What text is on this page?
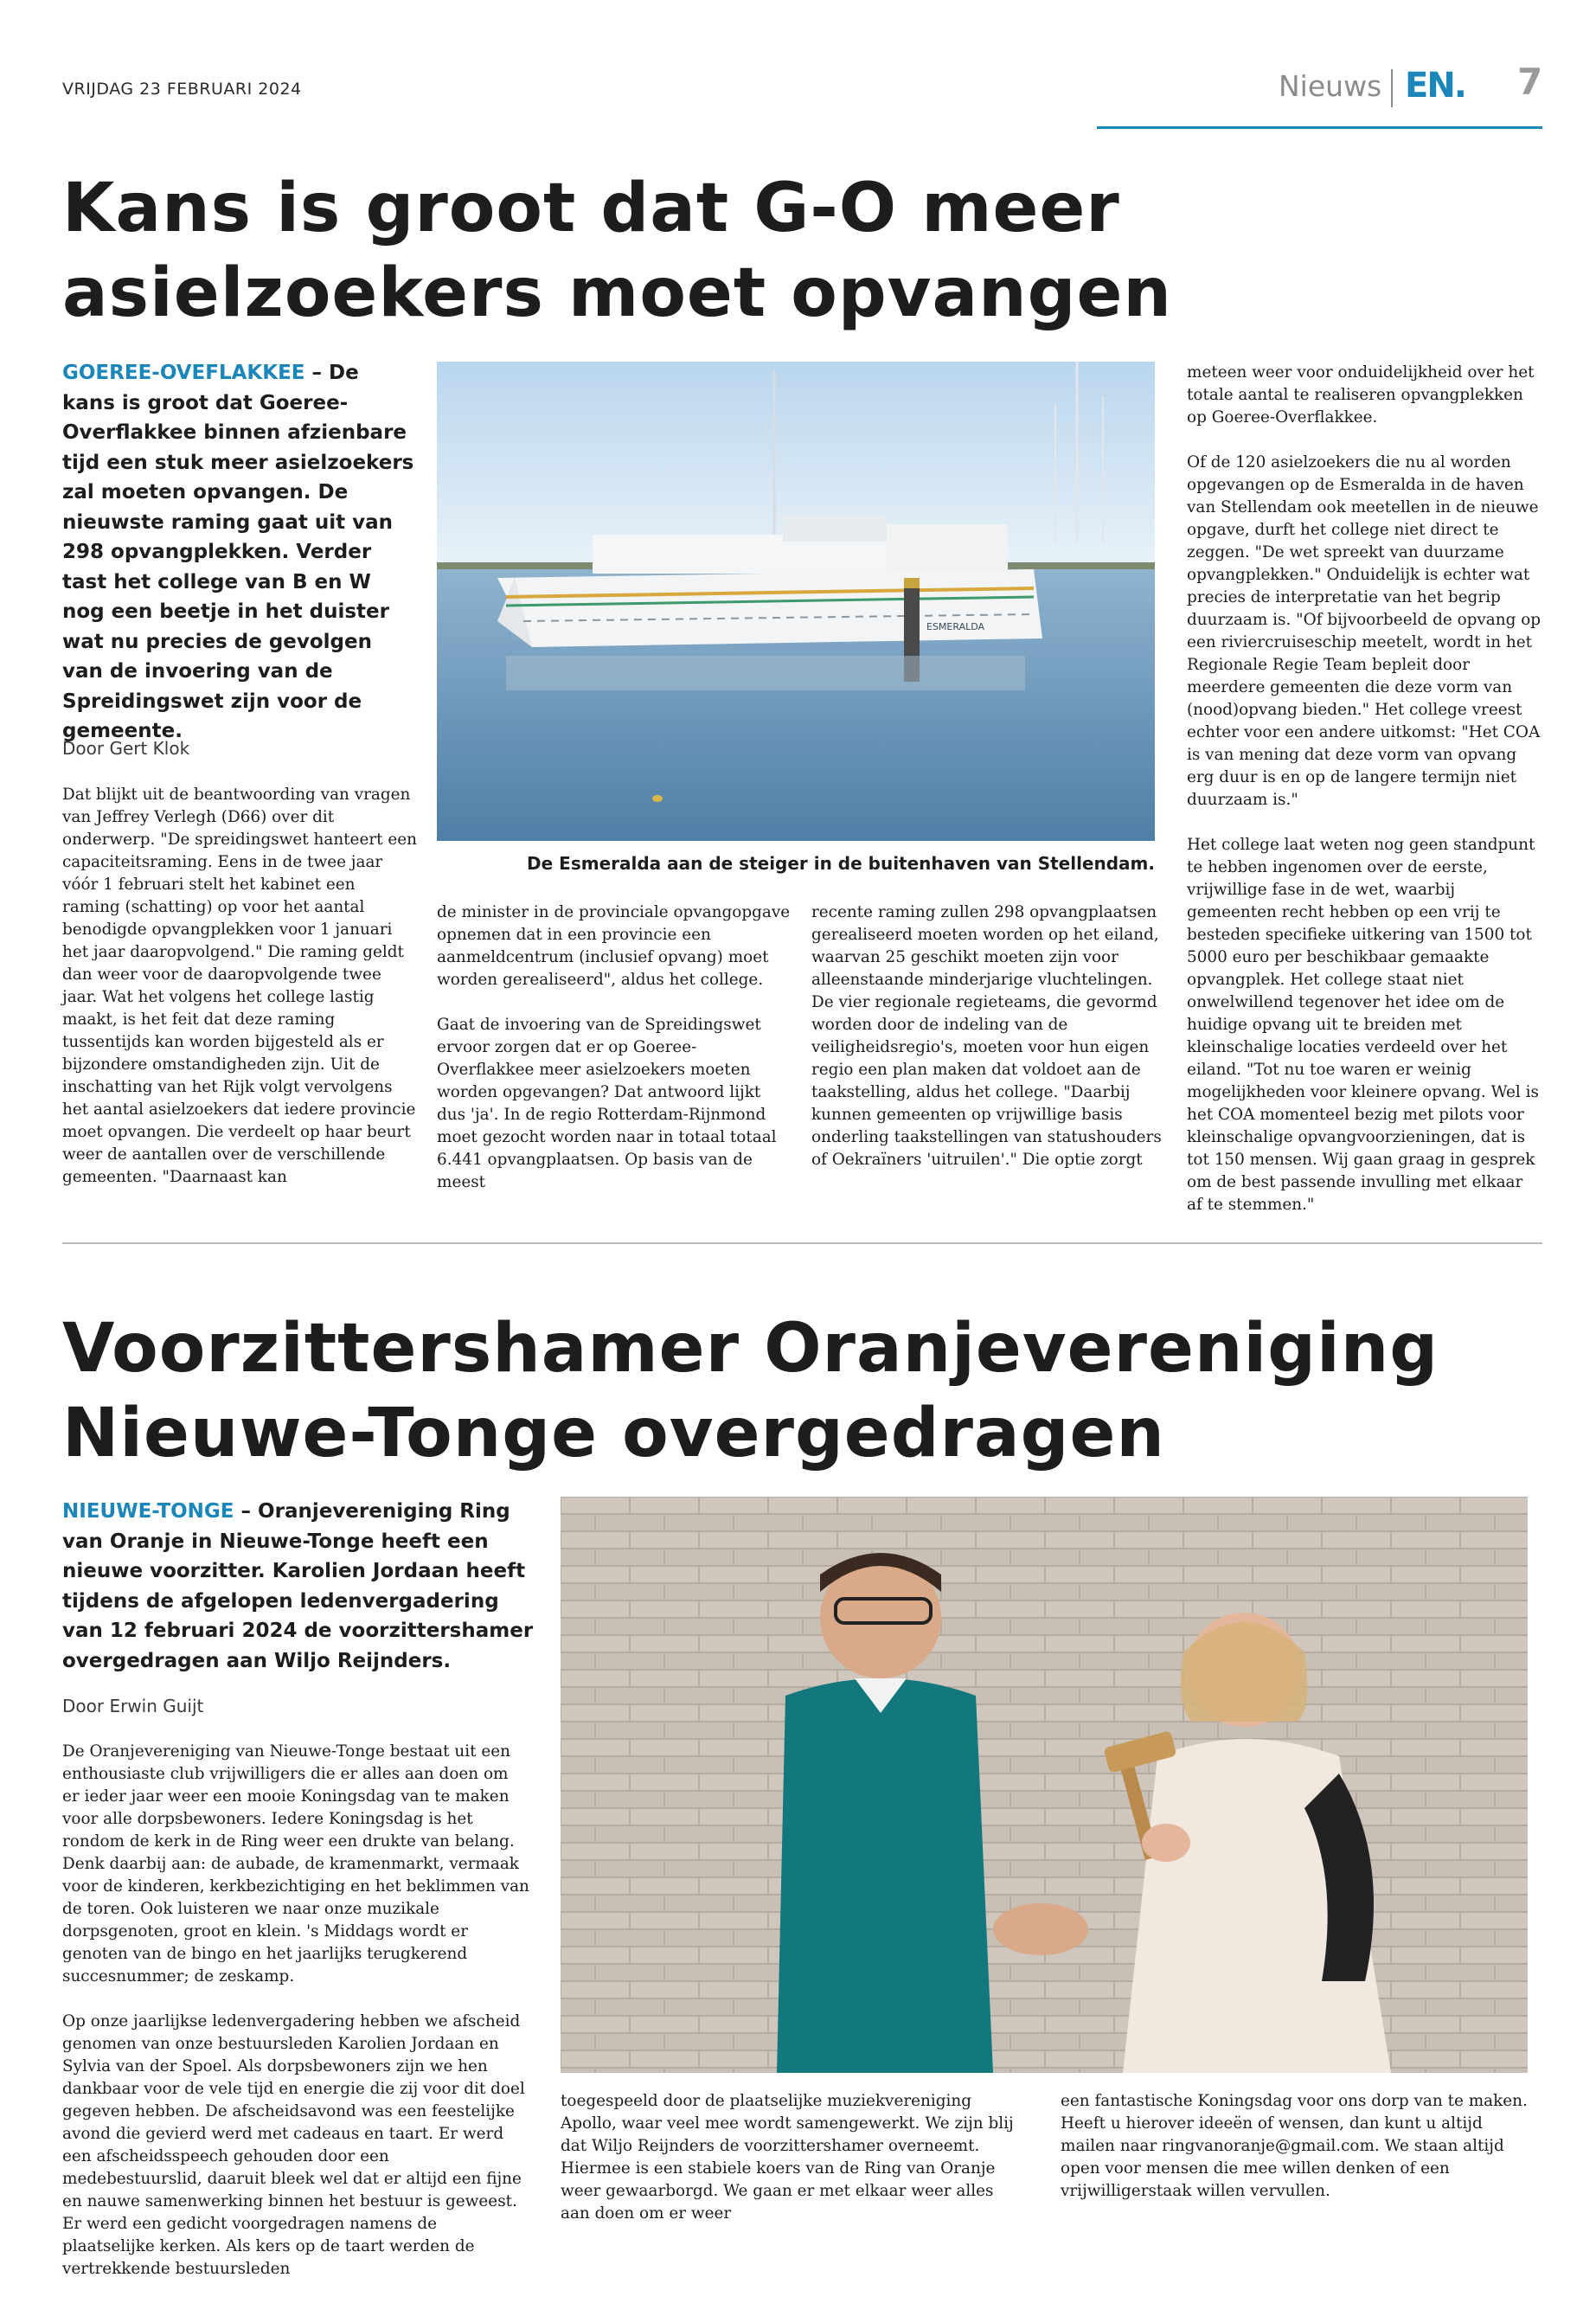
VRIJDAG 23 FEBRUARI 2024	Nieuws EN. 7
Kans is groot dat G-O meer
asielzoekers moet opvangen
GOEREE-OVEFLAKKEE – De kans is groot dat Goeree-Overflakkee binnen afzienbare tijd een stuk meer asielzoekers zal moeten opvangen. De nieuwste raming gaat uit van 298 opvangplekken. Verder tast het college van B en W nog een beetje in het duister wat nu precies de gevolgen van de invoering van de Spreidingswet zijn voor de gemeente.
Door Gert Klok

Dat blijkt uit de beantwoording van vragen van Jeffrey Verlegh (D66) over dit onderwerp. "De spreidingswet hanteert een capaciteitsraming. Eens in de twee jaar vóór 1 februari stelt het kabinet een raming (schatting) op voor het aantal benodigde opvangplekken voor 1 januari het jaar daaropvolgend." Die raming geldt dan weer voor de daaropvolgende twee jaar. Wat het volgens het college lastig maakt, is het feit dat deze raming tussentijds kan worden bijgesteld als er bijzondere omstandigheden zijn. Uit de inschatting van het Rijk volgt vervolgens het aantal asielzoekers dat iedere provincie moet opvangen. Die verdeelt op haar beurt weer de aantallen over de verschillende gemeenten. "Daarnaast kan

ESMERALDA
De Esmeralda aan de steiger in de buitenhaven van Stellendam.

de minister in de provinciale opvangopgave opnemen dat in een provincie een aanmeldcentrum (inclusief opvang) moet worden gerealiseerd", aldus het college.

Gaat de invoering van de Spreidingswet ervoor zorgen dat er op Goeree-Overflakkee meer asielzoekers moeten worden opgevangen? Dat antwoord lijkt dus 'ja'. In de regio Rotterdam-Rijnmond moet gezocht worden naar in totaal totaal 6.441 opvangplaatsen. Op basis van de meest

recente raming zullen 298 opvangplaatsen gerealiseerd moeten worden op het eiland, waarvan 25 geschikt moeten zijn voor alleenstaande minderjarige vluchtelingen. De vier regionale regieteams, die gevormd worden door de indeling van de veiligheidsregio's, moeten voor hun eigen regio een plan maken dat voldoet aan de taakstelling, aldus het college. "Daarbij kunnen gemeenten op vrijwillige basis onderling taakstellingen van statushouders of Oekraïners 'uitruilen'." Die optie zorgt

meteen weer voor onduidelijkheid over het totale aantal te realiseren opvangplekken op Goeree-Overflakkee.

Of de 120 asielzoekers die nu al worden opgevangen op de Esmeralda in de haven van Stellendam ook meetellen in de nieuwe opgave, durft het college niet direct te zeggen. "De wet spreekt van duurzame opvangplekken." Onduidelijk is echter wat precies de interpretatie van het begrip duurzaam is. "Of bijvoorbeeld de opvang op een riviercruiseschip meetelt, wordt in het Regionale Regie Team bepleit door meerdere gemeenten die deze vorm van (nood)opvang bieden." Het college vreest echter voor een andere uitkomst: "Het COA is van mening dat deze vorm van opvang erg duur is en op de langere termijn niet duurzaam is."

Het college laat weten nog geen standpunt te hebben ingenomen over de eerste, vrijwillige fase in de wet, waarbij gemeenten recht hebben op een vrij te besteden specifieke uitkering van 1500 tot 5000 euro per beschikbaar gemaakte opvangplek. Het college staat niet onwelwillend tegenover het idee om de huidige opvang uit te breiden met kleinschalige locaties verdeeld over het eiland. "Tot nu toe waren er weinig mogelijkheden voor kleinere opvang. Wel is het COA momenteel bezig met pilots voor kleinschalige opvangvoorzieningen, dat is tot 150 mensen. Wij gaan graag in gesprek om de best passende invulling met elkaar af te stemmen."

Voorzittershamer Oranjevereniging
Nieuwe-Tonge overgedragen
NIEUWE-TONGE – Oranjevereniging Ring van Oranje in Nieuwe-Tonge heeft een nieuwe voorzitter. Karolien Jordaan heeft tijdens de afgelopen ledenvergadering van 12 februari 2024 de voorzittershamer overgedragen aan Wiljo Reijnders.
Door Erwin Guijt

De Oranjevereniging van Nieuwe-Tonge bestaat uit een enthousiaste club vrijwilligers die er alles aan doen om er ieder jaar weer een mooie Koningsdag van te maken voor alle dorpsbewoners. Iedere Koningsdag is het rondom de kerk in de Ring weer een drukte van belang. Denk daarbij aan: de aubade, de kramenmarkt, vermaak voor de kinderen, kerkbezichtiging en het beklimmen van de toren. Ook luisteren we naar onze muzikale dorpsgenoten, groot en klein. 's Middags wordt er genoten van de bingo en het jaarlijks terugkerend succesnummer; de zeskamp.

Op onze jaarlijkse ledenvergadering hebben we afscheid genomen van onze bestuursleden Karolien Jordaan en Sylvia van der Spoel. Als dorpsbewoners zijn we hen dankbaar voor de vele tijd en energie die zij voor dit doel gegeven hebben. De afscheidsavond was een feestelijke avond die gevierd werd met cadeaus en taart. Er werd een afscheidsspeech gehouden door een medebestuurslid, daaruit bleek wel dat er altijd een fijne en nauwe samenwerking binnen het bestuur is geweest. Er werd een gedicht voorgedragen namens de plaatselijke kerken. Als kers op de taart werden de vertrekkende bestuursleden

toegespeeld door de plaatselijke muziekvereniging Apollo, waar veel mee wordt samengewerkt. We zijn blij dat Wiljo Reijnders de voorzittershamer overneemt. Hiermee is een stabiele koers van de Ring van Oranje weer gewaarborgd. We gaan er met elkaar weer alles aan doen om er weer

een fantastische Koningsdag voor ons dorp van te maken. Heeft u hierover ideeën of wensen, dan kunt u altijd mailen naar ringvanoranje@gmail.com. We staan altijd open voor mensen die mee willen denken of een vrijwilligerstaak willen vervullen.
